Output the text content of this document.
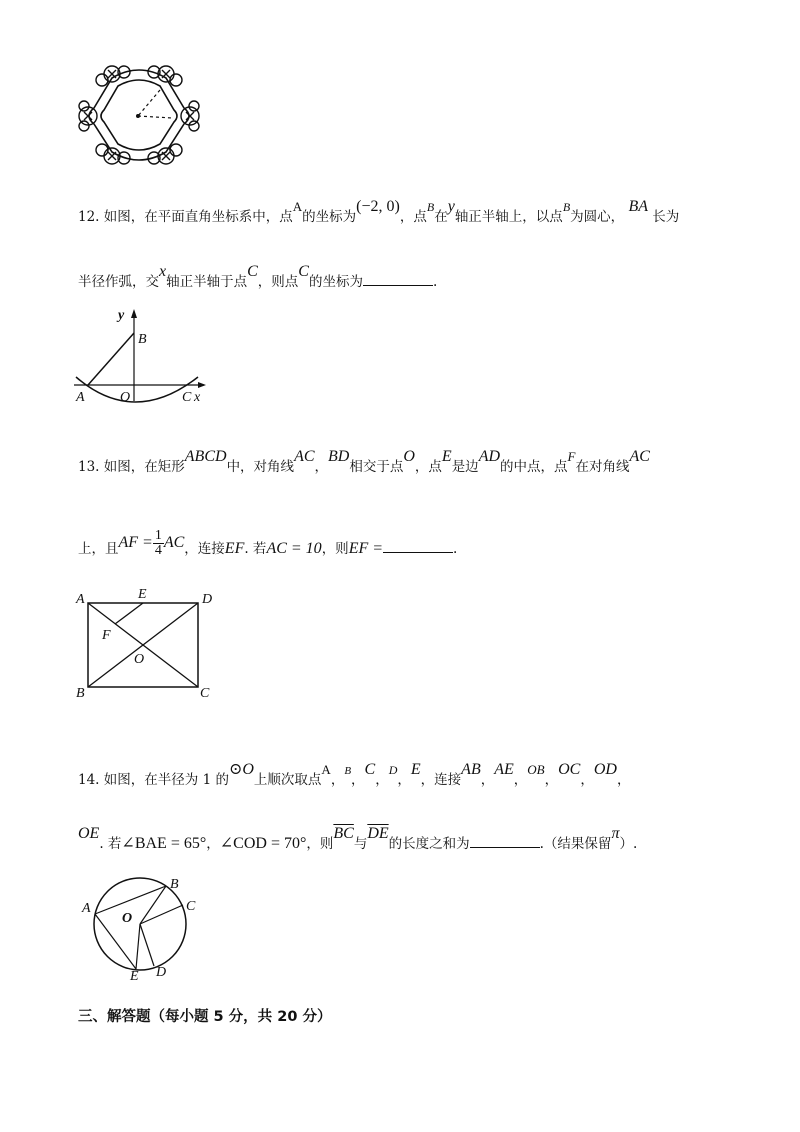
12. 如图，在平面直角坐标系中，点A的坐标为(−2, 0)，点B在y轴正半轴上，以点B为圆心， BA 长为
半径作弧，交x轴正半轴于点C，则点C的坐标为	.
y
B
A	O	C x
13. 如图，在矩形ABCD中，对角线AC，BD相交于点O，点E是边AD的中点，点F在对角线AC
上，且AF = $\frac{1}{4}$ AC，连接EF. 若AC = 10，则EF =	.
A	E	D
F
O
B	C
14. 如图，在半径为 1 的⊙O上顺次取点A，$^B$，C，D，E，连接AB，AE，OB，OC，OD，
OE. 若∠BAE = 65°，∠COD = 70°，则$\overline{BC}$与$\overline{DE}$的长度之和为	.（结果保留π）.
A
B
C
O
E D
三、解答题（每小题 5 分，共 20 分）
